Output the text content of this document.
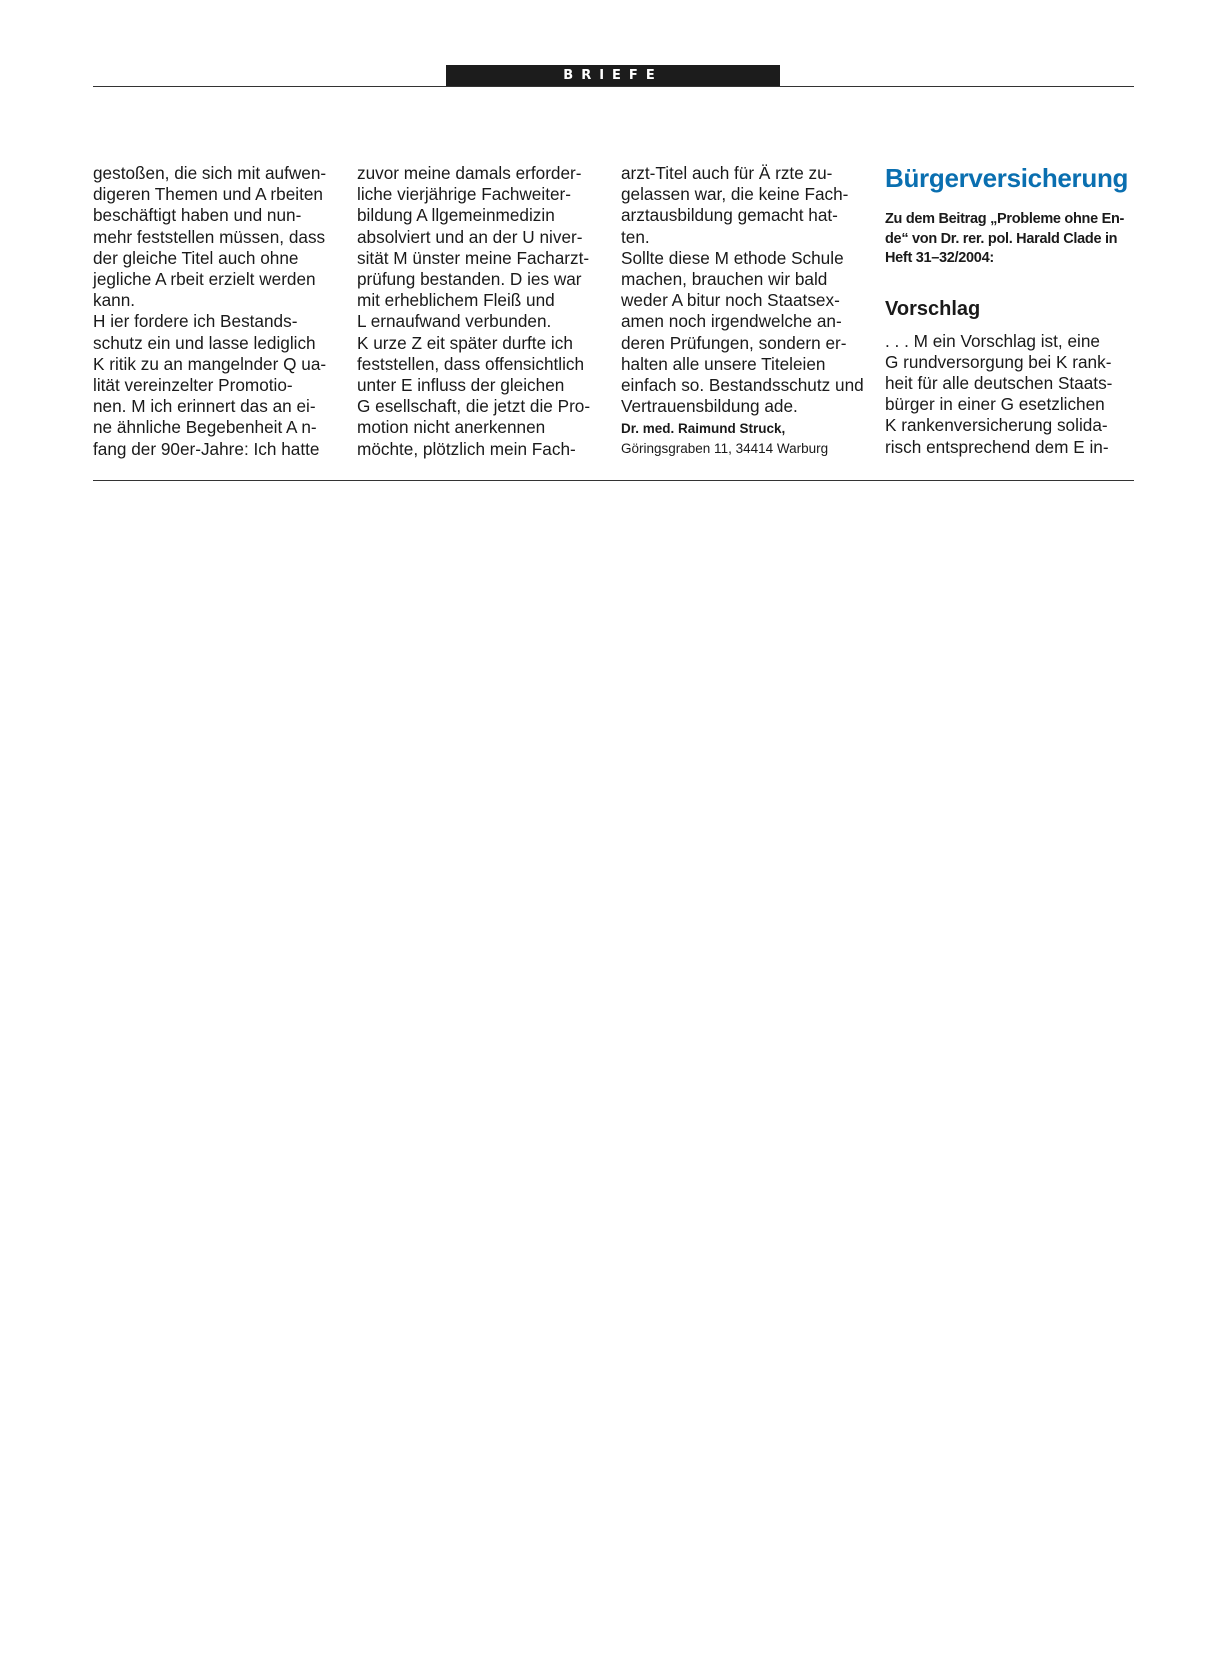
BRIEFE
gestoßen, die sich mit aufwen-
digeren Themen und A rbeiten
beschäftigt haben und nun-
mehr feststellen müssen, dass
der gleiche Titel auch ohne
jegliche A rbeit erzielt werden
kann.
H ier fordere ich Bestands-
schutz ein und lasse lediglich
K ritik zu an mangelnder Q ua-
lität vereinzelter Promotio-
nen. M ich erinnert das an ei-
ne ähnliche Begebenheit A n-
fang der 90er-Jahre: Ich hatte
zuvor meine damals erforder-
liche vierjährige Fachweiter-
bildung A llgemeinmedizin
absolviert und an der U niver-
sität M ünster meine Facharzt-
prüfung bestanden. D ies war
mit erheblichem Fleiß und
L ernaufwand verbunden.
K urze Z eit später durfte ich
feststellen, dass offensichtlich
unter E influss der gleichen
G esellschaft, die jetzt die Pro-
motion nicht anerkennen
möchte, plötzlich mein Fach-
arzt-Titel auch für Ä rzte zu-
gelassen war, die keine Fach-
arztausbildung gemacht hat-
ten.
Sollte diese M ethode Schule
machen, brauchen wir bald
weder A bitur noch Staatsex-
amen noch irgendwelche an-
deren Prüfungen, sondern er-
halten alle unsere Titeleien
einfach so. Bestandsschutz und
Vertrauensbildung ade.
Dr. med. Raimund Struck,
Göringsgraben 11, 34414 Warburg
Bürgerversicherung
Zu dem Beitrag „Probleme ohne En-
de“ von Dr. rer. pol. Harald Clade in
Heft 31–32/2004:
Vorschlag
. . . M ein Vorschlag ist, eine
G rundversorgung bei K rank-
heit für alle deutschen Staats-
bürger in einer G esetzlichen
K rankenversicherung solida-
risch entsprechend dem E in-
